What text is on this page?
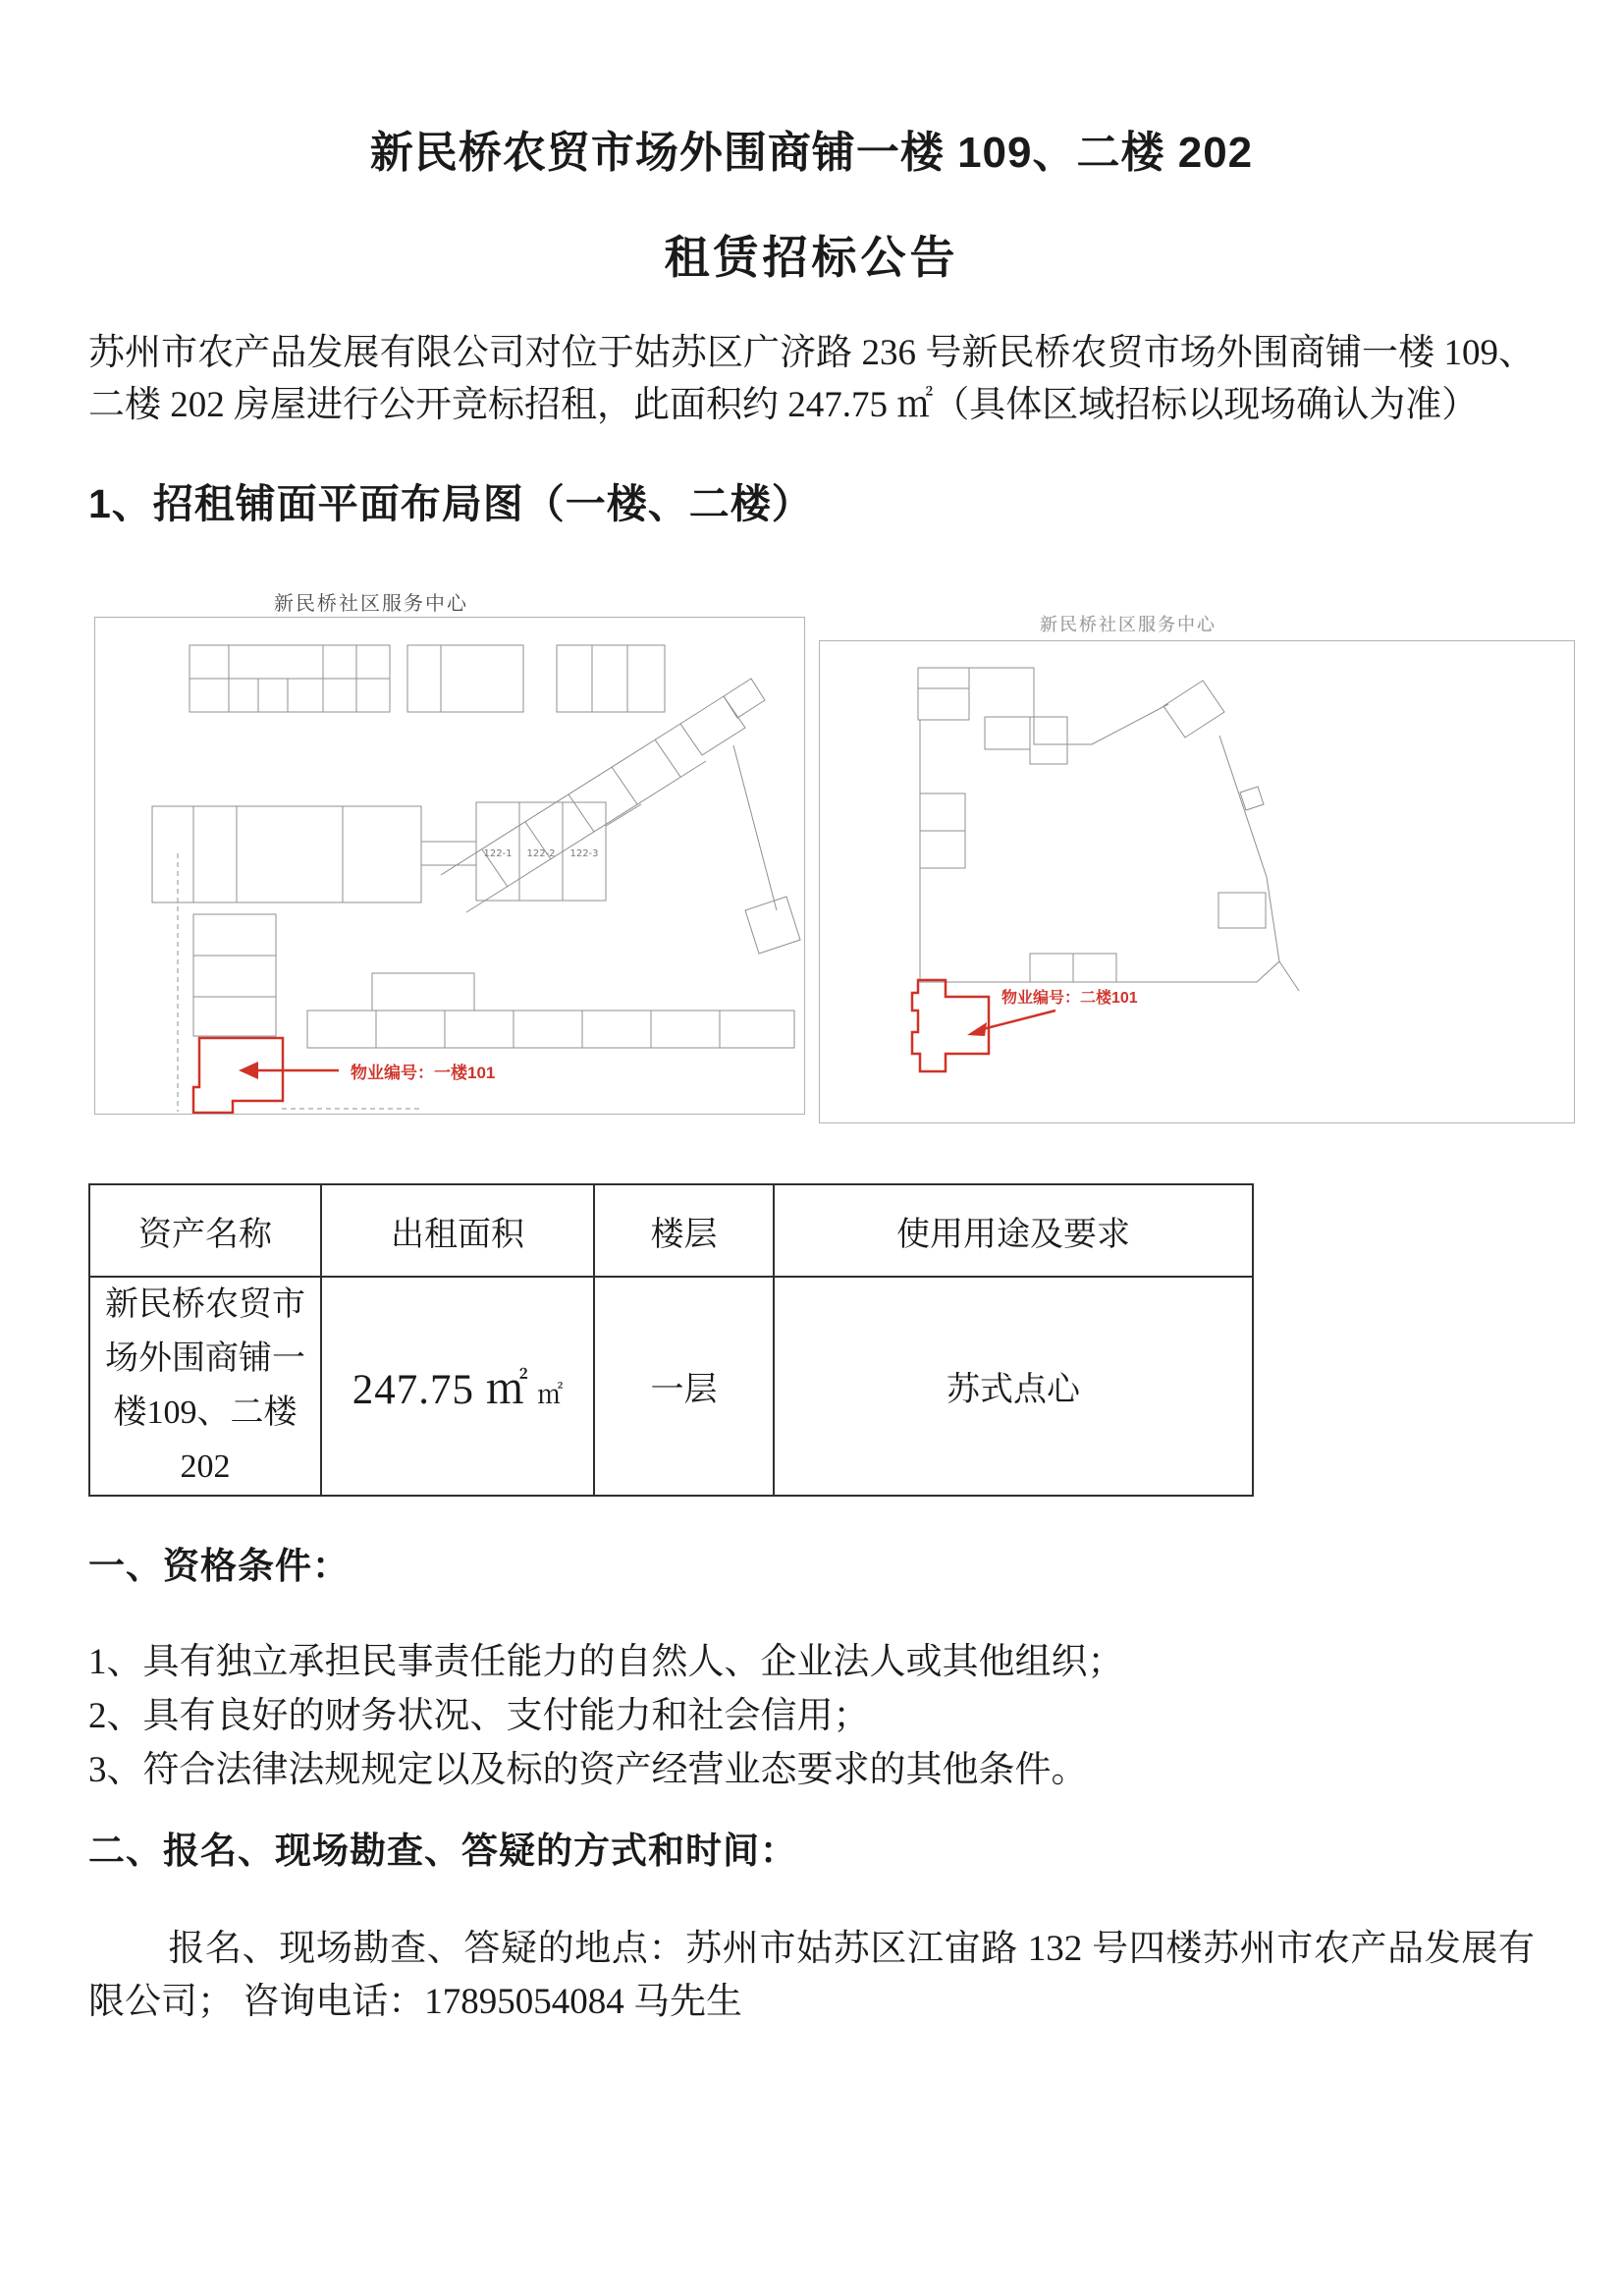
新民桥农贸市场外围商铺一楼 109、二楼 202
租赁招标公告

苏州市农产品发展有限公司对位于姑苏区广济路 236 号新民桥农贸市场外围商铺一楼 109、二楼 202 房屋进行公开竞标招租，此面积约 247.75 ㎡（具体区域招标以现场确认为准）

1、招租铺面平面布局图（一楼、二楼）
新民桥社区服务中心
122-1 122-2 122-3
物业编号：一楼101
新民桥社区服务中心
物业编号：二楼101
资产名称	出租面积	楼层	使用用途及要求
新民桥农贸市场外围商铺一楼109、二楼 202	247.75 ㎡ ㎡	一层	苏式点心
一、资格条件：

1、具有独立承担民事责任能力的自然人、企业法人或其他组织；

2、具有良好的财务状况、支付能力和社会信用；

3、符合法律法规规定以及标的资产经营业态要求的其他条件。

二、报名、现场勘查、答疑的方式和时间：

报名、现场勘查、答疑的地点：苏州市姑苏区江宙路 132 号四楼苏州市农产品发展有限公司； 咨询电话：17895054084 马先生
